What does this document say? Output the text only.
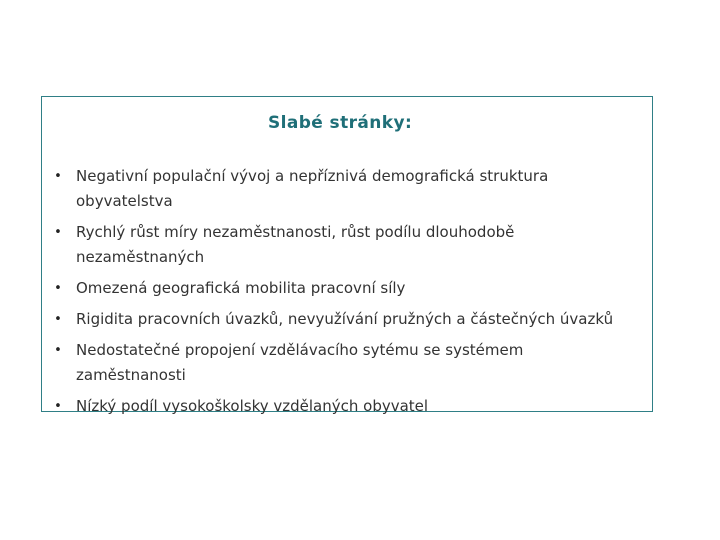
Slabé stránky:
• Negativní populační vývoj a nepříznivá demografická struktura obyvatelstva
• Rychlý růst míry nezaměstnanosti, růst podílu dlouhodobě nezaměstnaných
• Omezená geografická mobilita pracovní síly
• Rigidita pracovních úvazků, nevyužívání pružných a částečných úvazků
• Nedostatečné propojení vzdělávacího sytému se systémem zaměstnanosti
• Nízký podíl vysokoškolsky vzdělaných obyvatel
